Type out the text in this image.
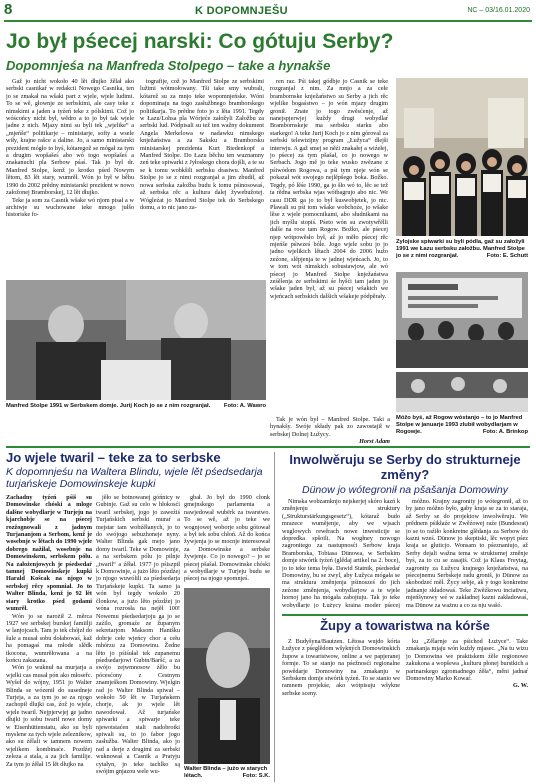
8	K DOPOMNJEŠU	NC – 03/16.01.2020
Jo był pśecej narski: Co gótuju Serby?
Dopomnjeśa na Manfreda Stolpego – take a hynakše

Gaž jo nicht wokoło 40 lět dłujko žělał ako serbski casnikaŕ w redakcii Nowego Casnika, ten jo se zmakał na wšaki part z wjele, wjele ludimi. To se wě, głownje ze serbskimi, ale casy teke z nimskimi a jaden a tyźeń teke z pólskimi. Což jo wóścońcy nicht był, wědro a to jo był tak wjele jadne z nich. Mjazy nimi su byli tek „wjelike“ a „mjeńše“ politikarje – ministarje, softy a wsele wiły, krajne rašce a daline. Jo, a samo ministarski prezident mógło to byś, kótaregož se mógał za tym a drugim wopšašeś abo wó togo wopšašeś a znakanuchi pla Serbow pśaś. Tak jo był dr. Manfred Stolpe, kenž jo krotko pśed Nowym lětom, 83 lět stary, wumrěł. Wón jo był w běhu 1990 do 2002 prědny ministarski prezident w nowo załožonej Bramborskej, 12 lět dłujko.

Teke ja som za Casnik wšake wó njom pisał a w archiwje su wuchowane teke mnogo jułšo historiske fo-

tografije, což jo Manfred Stolpe ze serbskimi lužimi wótmołowany. Tši take smy wubrali, kótarež su za mnjo teke wopomnjeńske. Wóni dopominaju na togo zasłužbnego bramborskego politikarja. To prědne foto jo z lěta 1991. Tegdy w Łazu/Lohsa pla Wórjeće załožyli Załožbu za serbski lud. Pódpisali su tež ten wažny dokument Angela Merkelowa w nadawku nimskego knježaństwa a za Saksku a Bramborsku ministarskej prezidenta Kurt Biedenkopf a Manfred Stolpe. Do Łazu běchu ten wuznamny zeń teke spiwarki z Jyłoskego chora dojšli, a te su se k tomu wobkšili serbsku drastwu. Manfred Stolpe jo se z nimi rozgranjał a jim zbudił, až nowa serbska załožba budu k tomu pśinosowaś, až serbska rěc a kultura dalej žywebužotej. Wógleźat jo Manfred Stolpe tek do Serbskego domu, a to nic jano za-

ren raz. Pśi takej gódbje jo Casnik se teke rozgranjał z nim. Za mnjo a za cełe brambornske knježaństwo su Serby a jich rěc wjelike bogaśstwo – jo wón mjazy drugim gronił. Znate jo togo zwěsćenje, až nanejspjerwjej kuždy drugi wobydlaŕ Brambornskeje ma serbsku starku abo starkego! A teke Jurij Koch jo z nim góroval za serbski telewizijny program „Łužyca“ dlejši interwju. A gaž smej se něźi znakałej a wiźełej, jo pśecej za tym pšašał, co jo nowego w Serbach. Jogo mě jo teke wusko zwězane z pśiwódom Rogowa, a pśi tym njeje wón se pokazał wót swojego nejlěpšego boka. Božko. Tegdy, pó lěśe 1990, ga jo šło wó to, lěc se tež ta rědna serbska wjas wótbagrujo abo nic. We casu DDR ga jo to był kuswobjetek, jo nic. Plawali su pśi tom wšake wobchoźe, jo wšake lěse z wjele pomocnikami, abo słudnikami na jich myšlu stopiś. Pśeto wón su zwotywřělli dalše na roce tam Rogow. Božko, ale pśecej njep wótpowěsło był, až jo měło pśecej rěc mjeńše pśiwześ bóle. Jogo wjele sobu jo jo jadno wjelikich lětach 2004 do 2006 hužo zeźone, slěpjenja te w jadnej wjeńcach. Jo, to w tom wót nimskich sobustawjow, ale wó pśecej jo Manfred Stolpe knježaństwa ześělenja ze serbskimi śe hyšći tam jaden jo wšake jaden był, až su pśecej wšakich we wjeńcach serbskich dalšich wšakeje pódpěrały.

Žylojske spiwarki su byli pódla, gaž su załožyli 1991 we Łazu serbsku załožbu. Manfred Stolpe jo se z nimi rozgranjał.	Foto: E. Schutt
Manfred Stolpe 1991 w Serbskem domje. Jurij Koch jo se z nim rozgranjał. Foto: A. Wawro
Móžo byś, až Rogow wóstanjo – to jo Manfred Stolpe w januarje 1993 zlubił wobydlarjam w Rogowje.	Foto: A. Brinkop

Tak je wón był – Manfred Stolpe. Taki a hynakšy. Swóje składy pak zo zawostajił w serbskej Dolnej Łužycy.

Horst Adam
Jo wjele twaril – teke za to serbske
K dopomnjeśu na Waltera Blindu, wjele lět pśedsedarja turjańskeje Domowinskeje kupki

Zachadny tyźeń pśiš su Domowinske chóski a mloge dalšne wobydlarje w Turjeju na kjarchobje se na pśecej rozžognowali z jadnym Turjananjom a Serbom, kenž je wosebnje w lětach do 1990 wjele dobrego nažiłal, wosebnje na Domowinskem, serbskem pólu. Na założenjowych je pśedsedaŕ tamnej Domowinskeje kupki Harald Košcak na njogo w serbskej rěcy spomniał. Jo to Walter Blinda, kenž jo 92 lět stary krotko pśed godami wumrěł.

Wón jo se narożił 2. měrca 1927 we serbskej burskej famiilji w lanjojcach. Tam jo tek chójzł do šule a musał sobu dołabowaś, kaž ha pomagaś ma młode slědk tkocona, wumrěłowana a na końcu zakazana.

Wón jo wuknuł na murjarja a wjelki cas musał pón ako młoseřc. Wyšeł do wójny, 1951 jo Walter Blinda se wózenił do susedneje Turjeja, a za tym jo se za njogo zachopił dlujki cas, źož jo wjele, wjele twaril. Nejpjerwjej ge jadno dłujki jo sobu twarił nowe domy w Eisenhüttenstatu, ako su byli myslene za tych wjele zeleznikow, ako su źělali w tamnem nowem wjelikem kombinaće. Pozdźej zeleza a stala, a za jich familije. Za tym jo źěłał 15 lět dłujko na

jěło se botnowanej góńnicy w Gubinje. Gaž su celo w hłokosći twaril serbskej, jogo jo zaweźiś Turjańskich serbski muraŕ a mejstar tam wobźěłanych, jo to do swójogo sebuzhoneje nyny. Walter Blinda gak mejo jano domy twaril. Teke w Domowinje, a na serbskem pólu jo pilnje „twaril“ a źěłał. 1977 jo pśiszpił k Domowinje, a jużo lěto pózdźej jo njogo wuwólili za pśedsedarja Turjańskeje kupki. Ta samo ja wón był tegdy wokoło 20 člonkow, a jużo lěto pózdźej jo wóna rozrosła na nejěł 100! Nowemu pśedsedarjoju ga jo se zaźilo, gromaźe ze županym sekretarjom Maksom Hantšku dobrje cełe wjeńcy chor a cełu mhórzu za Domowinu. Žedne lěto jo pśiśułał tek zupanemu pśedsedarjowi Gubin/Baršć, a za swójo zejwmnosow źělo bu pócesćony z Cestnym znamješkom Domowiny. Wjelgin rad jo Walter Blinda spiwał – wokoło 50 lět w Turjańskem chorje, ak jo wjele lět nawodował. Až turjańske spiwarki a spiwarje teke njewotstaćen stali nadobrotki spiwali su, to jo fabor jogo zasłužba. Walter Blinda, ako jo rad a derje z drugimi za serbski wuknowaś a Casnik a Pratyju cytałyn, jo teke tachlko są swójim gnjazou wele wu-

gbał. Jo był do 1990 cłonk gmejnskego parlamenta a nawjedował wubërk za twarstwo. To se wě, až jo teke we wognjowej woborje sobu gótował a był tek sobu chłoń. Až do końca žywjenja jo se mocnje interesował za Domowinske a serbske žywjenje. Co jo nowego? – jo se pśecej pšašał. Domowinske chóski a wobydlarje w Turjeju budu se pśecej na njogo spomnjeś.

Walter Blinda – jużo w starych létach.	Foto: S.K.
Inwolwěruju se Serby do strukturneje změny?
Dünow jo wótegronił na pšašanja Domowiny

Nimska wobzamknjo nejskerjej skóro kazń k změnjenju struktury („Strukturstärkungsgesetz“), kótaraž budo mrazece wumějenje, aby we wjsach wuglowych rewěrach nowe inwesticije se dopredka spšoili. Na wogłney nowogo zagronitego za nastupnosći Serbow kraja Bramborska, Tobiasa Dünowa, w Serbskim domje stwórtk tyźeń (glědaj artikel na 2. boce), jo to teke tema była. Dawid Statnik, pśedsedaŕ Domowiny, bu se zwyl, aby Łužyca mógała se ma struktura změnjenja pśinosześ do jich zeźone změnjenja, wobydlarjow a te wjele hornoj jano ha mógała zabojtuju. Tak jo teke wobydlarje jo Łużycy kraina moder pśecej

móžno. Krajny zagronity jo wótegronił, až to by jano móžno było, gaby kraja se za to staraja, až Serby se do projektow inwolwěruju. We prědnem pśikłaźe w Zwěźowej raźe (Bundesrat) jo se to raźiło konkretne glědanja za Serbow do kazni wześ. Dünow jo skeptiski, lěc wopyt pśez kraja se gluticjo. Wonsam to pśeznaniujo, až Serby dejali wažna tema w strukturnej změnje byś, za to cu se zasajiś. Což ja Klaus Freytag, zagronity za Łužycu krajnego knježaństwa, na pśecejnemu Serbskeje radu groniš, jo Dünow za skobodzeć měł. Žycy sebje, ak y togo konkretne jadnanje składowaś. Teke Zwěźkowu inciatiwu, mjeńšynowy wé w zakładnej kazni zakładowaś, ma Dünow za ważnu a co za nju wašó.

Župy a towaristwa na kórše

Z Budyšyna/Bautzen. Lětosa wujdo kórta Łužyce z pśeglědom wšykných Domowinskich župow a towaristwow, online a we papjeranej formje. To se stanjo na pśežnosći regionalne powědarje Domowiny na zmakanju w Serbskem domje stwórtk tyźeń. To se stanio we ramnem projekśe, ako wótpisuju wšykne serbske sceny.

ku „Zělarnje za pśichod Łużyce“. Take zmakanja mjaju wón kuždy mjasec. „Na tu wizu jo Domowina we praktiskem źěle regionowe zakukona a wopšewa „kulturu płonej burstkich a partnarskego zgromadnego źěła“, měni jadnaŕ Domowiny Marko Kowaŕ.

G. W.
